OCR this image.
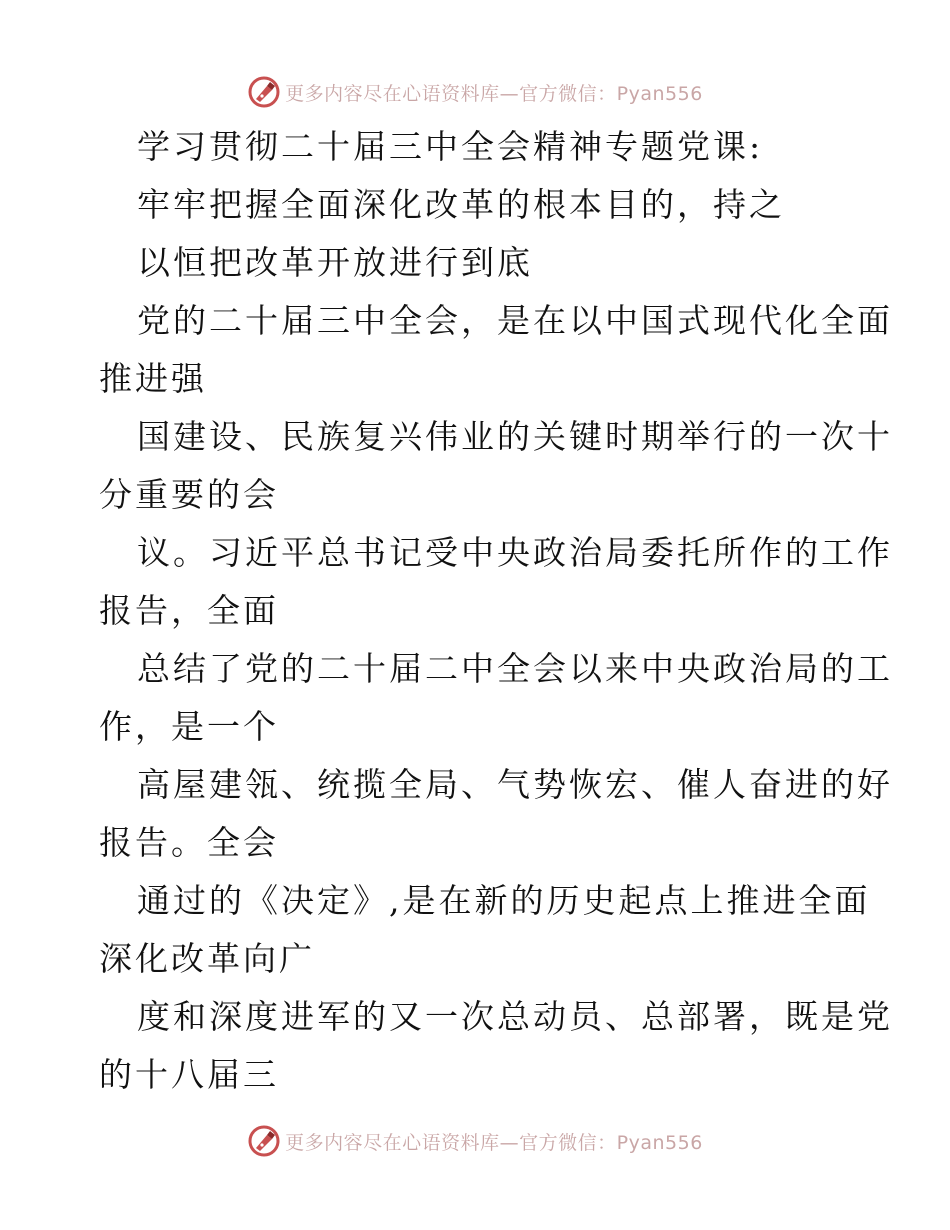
更多内容尽在心语资料库—官方微信：Pyan556
学习贯彻二十届三中全会精神专题党课:
牢牢把握全面深化改革的根本目的，持之
以恒把改革开放进行到底
党的二十届三中全会，是在以中国式现代化全面
推进强
国建设、民族复兴伟业的关键时期举行的一次十
分重要的会
议。习近平总书记受中央政治局委托所作的工作
报告，全面
总结了党的二十届二中全会以来中央政治局的工
作，是一个
高屋建瓴、统揽全局、气势恢宏、催人奋进的好
报告。全会
通过的《决定》,是在新的历史起点上推进全面
深化改革向广
度和深度进军的又一次总动员、总部署，既是党
的十八届三
更多内容尽在心语资料库—官方微信：Pyan556
